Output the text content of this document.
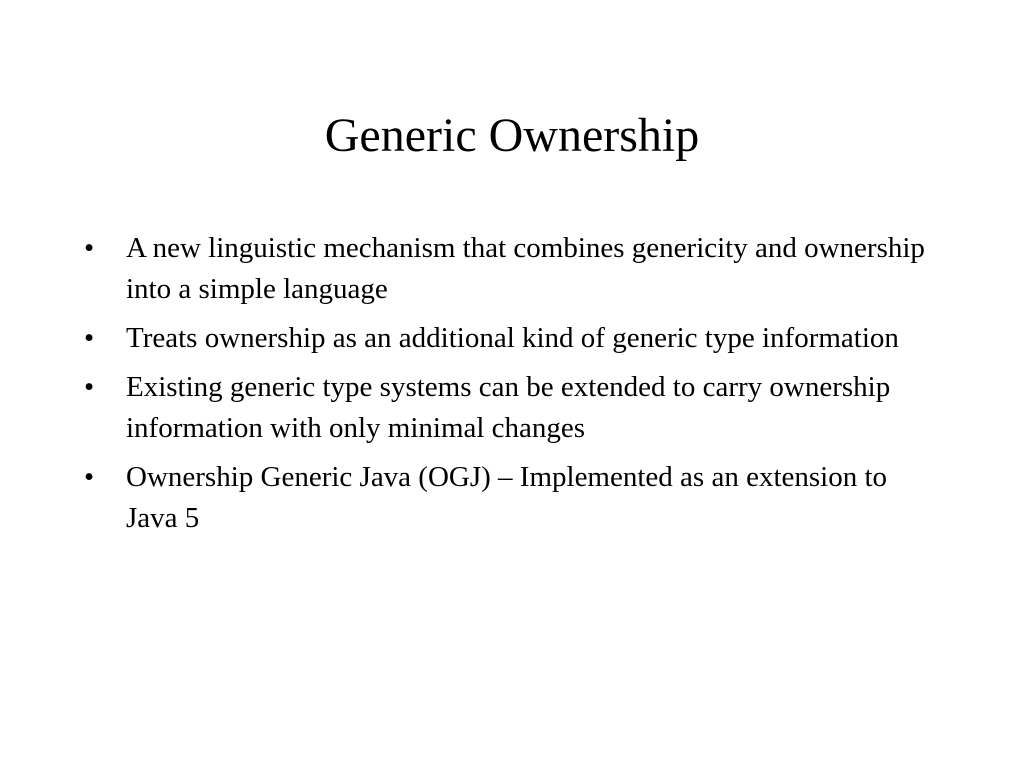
Generic Ownership
•	A new linguistic mechanism that combines genericity and ownership into a simple language
•	Treats ownership as an additional kind of generic type information
•	Existing generic type systems can be extended to carry ownership information with only minimal changes
•	Ownership Generic Java (OGJ) – Implemented as an extension to Java 5
